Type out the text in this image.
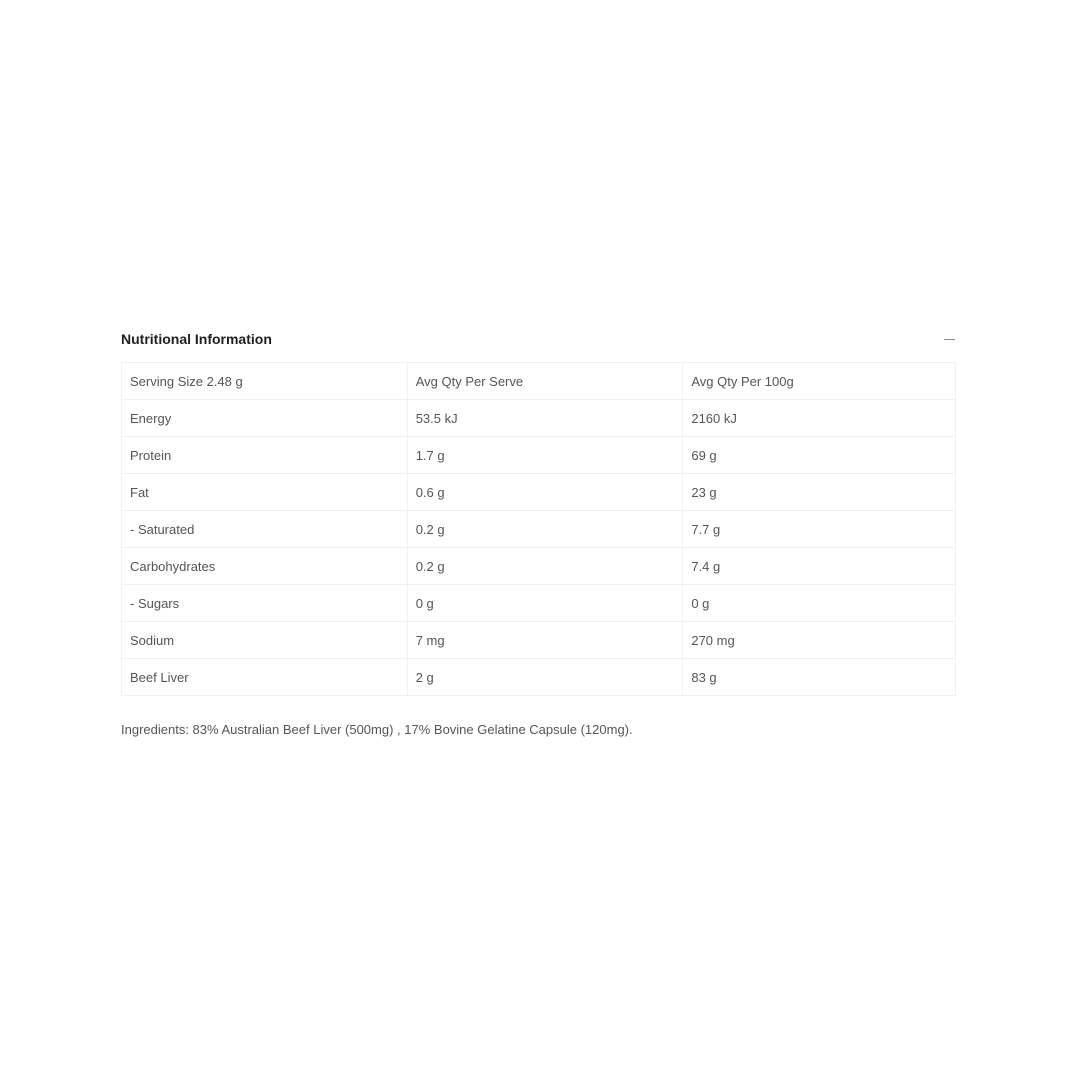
Nutritional Information
Serving Size 2.48 g	Avg Qty Per Serve	Avg Qty Per 100g
Energy	53.5 kJ	2160 kJ
Protein	1.7 g	69 g
Fat	0.6 g	23 g
- Saturated	0.2 g	7.7 g
Carbohydrates	0.2 g	7.4 g
- Sugars	0 g	0 g
Sodium	7 mg	270 mg
Beef Liver	2 g	83 g
Ingredients: 83% Australian Beef Liver (500mg) , 17% Bovine Gelatine Capsule (120mg).
